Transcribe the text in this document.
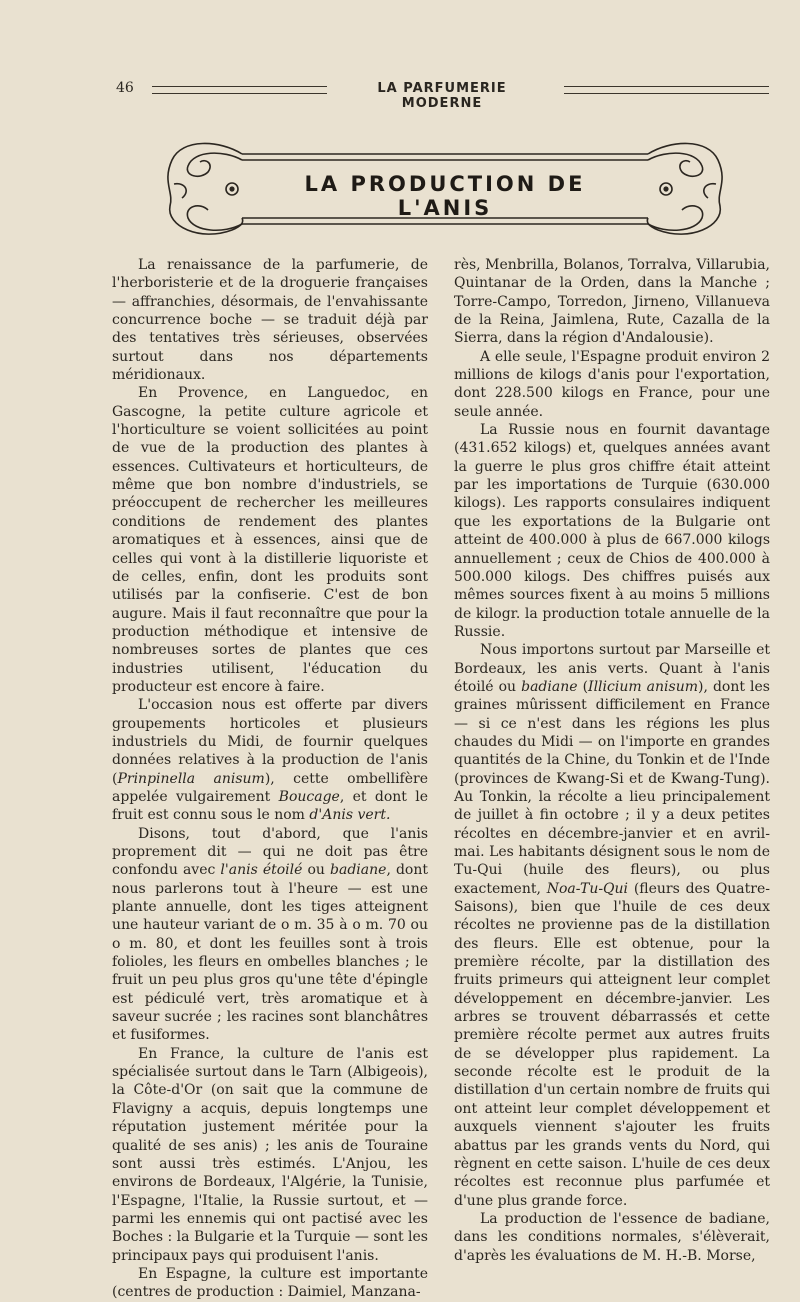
46	LA PARFUMERIE MODERNE
LA PRODUCTION DE L'ANIS

La renaissance de la parfumerie, de l'herboristerie et de la droguerie françaises — affranchies, désormais, de l'envahissante concurrence boche — se traduit déjà par des tentatives très sérieuses, observées surtout dans nos départements méridionaux.

En Provence, en Languedoc, en Gascogne, la petite culture agricole et l'horticulture se voient sollicitées au point de vue de la production des plantes à essences. Cultivateurs et horticulteurs, de même que bon nombre d'industriels, se préoccupent de rechercher les meilleures conditions de rendement des plantes aromatiques et à essences, ainsi que de celles qui vont à la distillerie liquoriste et de celles, enfin, dont les produits sont utilisés par la confiserie. C'est de bon augure. Mais il faut reconnaître que pour la production méthodique et intensive de nombreuses sortes de plantes que ces industries utilisent, l'éducation du producteur est encore à faire.

L'occasion nous est offerte par divers groupements horticoles et plusieurs industriels du Midi, de fournir quelques données relatives à la production de l'anis (Prinpinella anisum), cette ombellifère appelée vulgairement Boucage, et dont le fruit est connu sous le nom d'Anis vert.

Disons, tout d'abord, que l'anis proprement dit — qui ne doit pas être confondu avec l'anis étoilé ou badiane, dont nous parlerons tout à l'heure — est une plante annuelle, dont les tiges atteignent une hauteur variant de o m. 35 à o m. 70 ou o m. 80, et dont les feuilles sont à trois folioles, les fleurs en ombelles blanches ; le fruit un peu plus gros qu'une tête d'épingle est pédiculé vert, très aromatique et à saveur sucrée ; les racines sont blanchâtres et fusiformes.

En France, la culture de l'anis est spécialisée surtout dans le Tarn (Albigeois), la Côte-d'Or (on sait que la commune de Flavigny a acquis, depuis longtemps une réputation justement méritée pour la qualité de ses anis) ; les anis de Touraine sont aussi très estimés. L'Anjou, les environs de Bordeaux, l'Algérie, la Tunisie, l'Espagne, l'Italie, la Russie surtout, et — parmi les ennemis qui ont pactisé avec les Boches : la Bulgarie et la Turquie — sont les principaux pays qui produisent l'anis.

En Espagne, la culture est importante (centres de production : Daimiel, Manzana-

rès, Menbrilla, Bolanos, Torralva, Villarubia, Quintanar de la Orden, dans la Manche ; Torre-Campo, Torredon, Jirneno, Villanueva de la Reina, Jaimlena, Rute, Cazalla de la Sierra, dans la région d'Andalousie).

A elle seule, l'Espagne produit environ 2 millions de kilogs d'anis pour l'exportation, dont 228.500 kilogs en France, pour une seule année.

La Russie nous en fournit davantage (431.652 kilogs) et, quelques années avant la guerre le plus gros chiffre était atteint par les importations de Turquie (630.000 kilogs). Les rapports consulaires indiquent que les exportations de la Bulgarie ont atteint de 400.000 à plus de 667.000 kilogs annuellement ; ceux de Chios de 400.000 à 500.000 kilogs. Des chiffres puisés aux mêmes sources fixent à au moins 5 millions de kilogr. la production totale annuelle de la Russie.

Nous importons surtout par Marseille et Bordeaux, les anis verts. Quant à l'anis étoilé ou badiane (Illicium anisum), dont les graines mûrissent difficilement en France — si ce n'est dans les régions les plus chaudes du Midi — on l'importe en grandes quantités de la Chine, du Tonkin et de l'Inde (provinces de Kwang-Si et de Kwang-Tung). Au Tonkin, la récolte a lieu principalement de juillet à fin octobre ; il y a deux petites récoltes en décembre-janvier et en avril-mai. Les habitants désignent sous le nom de Tu-Qui (huile des fleurs), ou plus exactement, Noa-Tu-Qui (fleurs des Quatre-Saisons), bien que l'huile de ces deux récoltes ne provienne pas de la distillation des fleurs. Elle est obtenue, pour la première récolte, par la distillation des fruits primeurs qui atteignent leur complet développement en décembre-janvier. Les arbres se trouvent débarrassés et cette première récolte permet aux autres fruits de se développer plus rapidement. La seconde récolte est le produit de la distillation d'un certain nombre de fruits qui ont atteint leur complet développement et auxquels viennent s'ajouter les fruits abattus par les grands vents du Nord, qui règnent en cette saison. L'huile de ces deux récoltes est reconnue plus parfumée et d'une plus grande force.

La production de l'essence de badiane, dans les conditions normales, s'élèverait, d'après les évaluations de M. H.-B. Morse,
